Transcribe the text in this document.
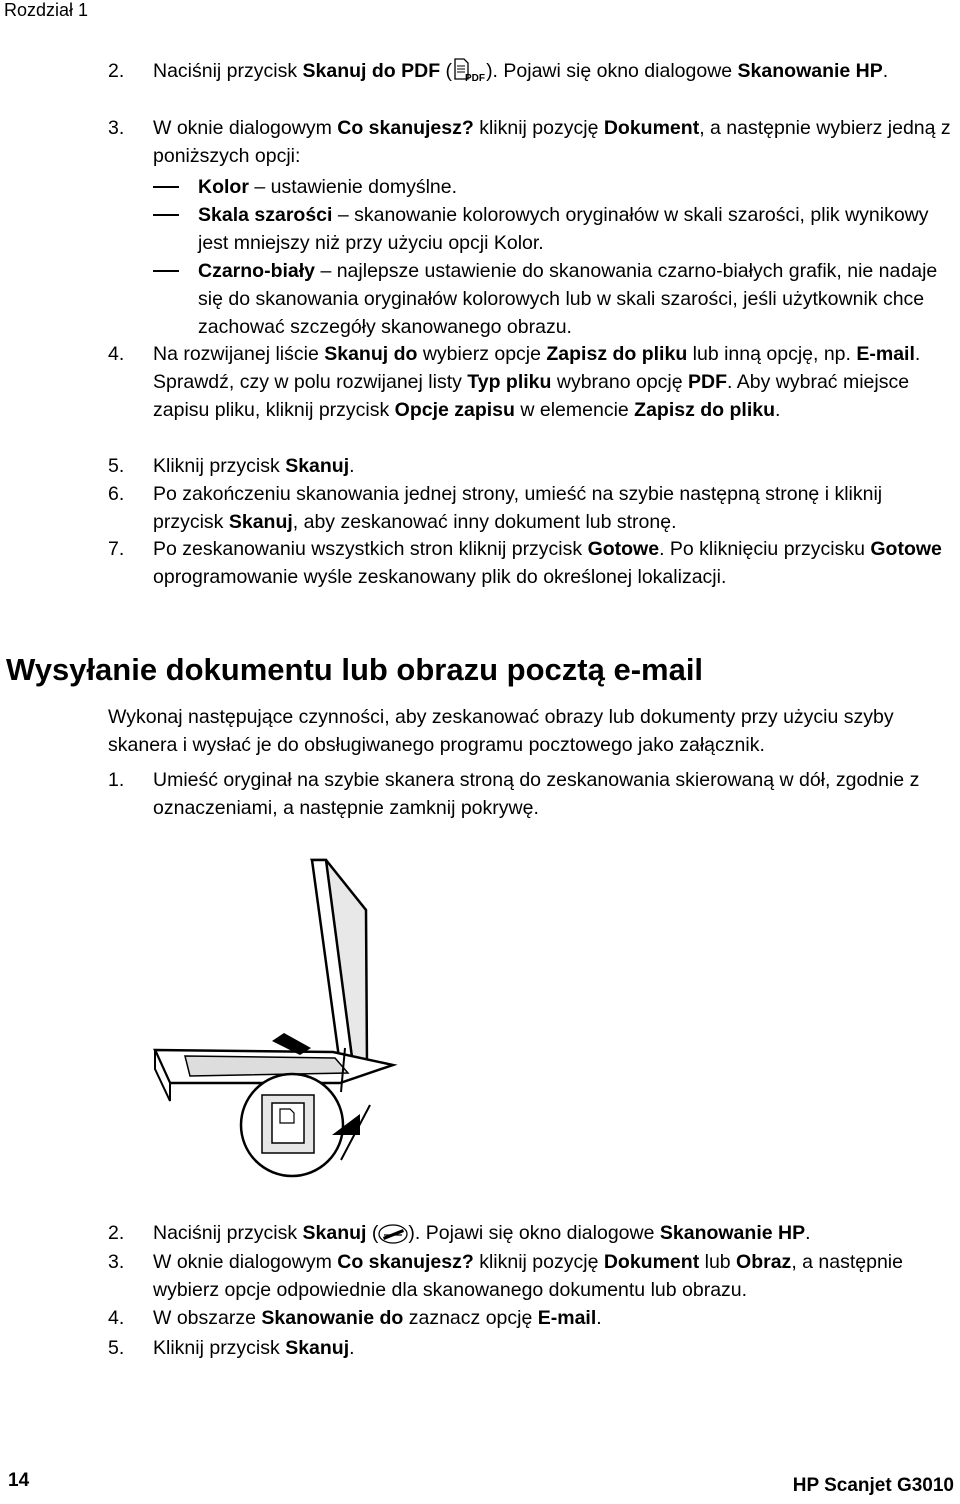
Rozdział 1
2. Naciśnij przycisk Skanuj do PDF ( PDF ). Pojawi się okno dialogowe Skanowanie HP.
3. W oknie dialogowym Co skanujesz? kliknij pozycję Dokument, a następnie wybierz jedną z poniższych opcji:
Kolor – ustawienie domyślne.
Skala szarości – skanowanie kolorowych oryginałów w skali szarości, plik wynikowy jest mniejszy niż przy użyciu opcji Kolor.
Czarno-biały – najlepsze ustawienie do skanowania czarno-białych grafik, nie nadaje się do skanowania oryginałów kolorowych lub w skali szarości, jeśli użytkownik chce zachować szczegóły skanowanego obrazu.
4. Na rozwijanej liście Skanuj do wybierz opcje Zapisz do pliku lub inną opcję, np. E-mail. Sprawdź, czy w polu rozwijanej listy Typ pliku wybrano opcję PDF. Aby wybrać miejsce zapisu pliku, kliknij przycisk Opcje zapisu w elemencie Zapisz do pliku.
5. Kliknij przycisk Skanuj.
6. Po zakończeniu skanowania jednej strony, umieść na szybie następną stronę i kliknij przycisk Skanuj, aby zeskanować inny dokument lub stronę.
7. Po zeskanowaniu wszystkich stron kliknij przycisk Gotowe. Po kliknięciu przycisku Gotowe oprogramowanie wyśle zeskanowany plik do określonej lokalizacji.
Wysyłanie dokumentu lub obrazu pocztą e-mail
Wykonaj następujące czynności, aby zeskanować obrazy lub dokumenty przy użyciu szyby skanera i wysłać je do obsługiwanego programu pocztowego jako załącznik.
1. Umieść oryginał na szybie skanera stroną do zeskanowania skierowaną w dół, zgodnie z oznaczeniami, a następnie zamknij pokrywę.
2. Naciśnij przycisk Skanuj ( ). Pojawi się okno dialogowe Skanowanie HP.
3. W oknie dialogowym Co skanujesz? kliknij pozycję Dokument lub Obraz, a następnie wybierz opcje odpowiednie dla skanowanego dokumentu lub obrazu.
4. W obszarze Skanowanie do zaznacz opcję E-mail.
5. Kliknij przycisk Skanuj.
14	HP Scanjet G3010
